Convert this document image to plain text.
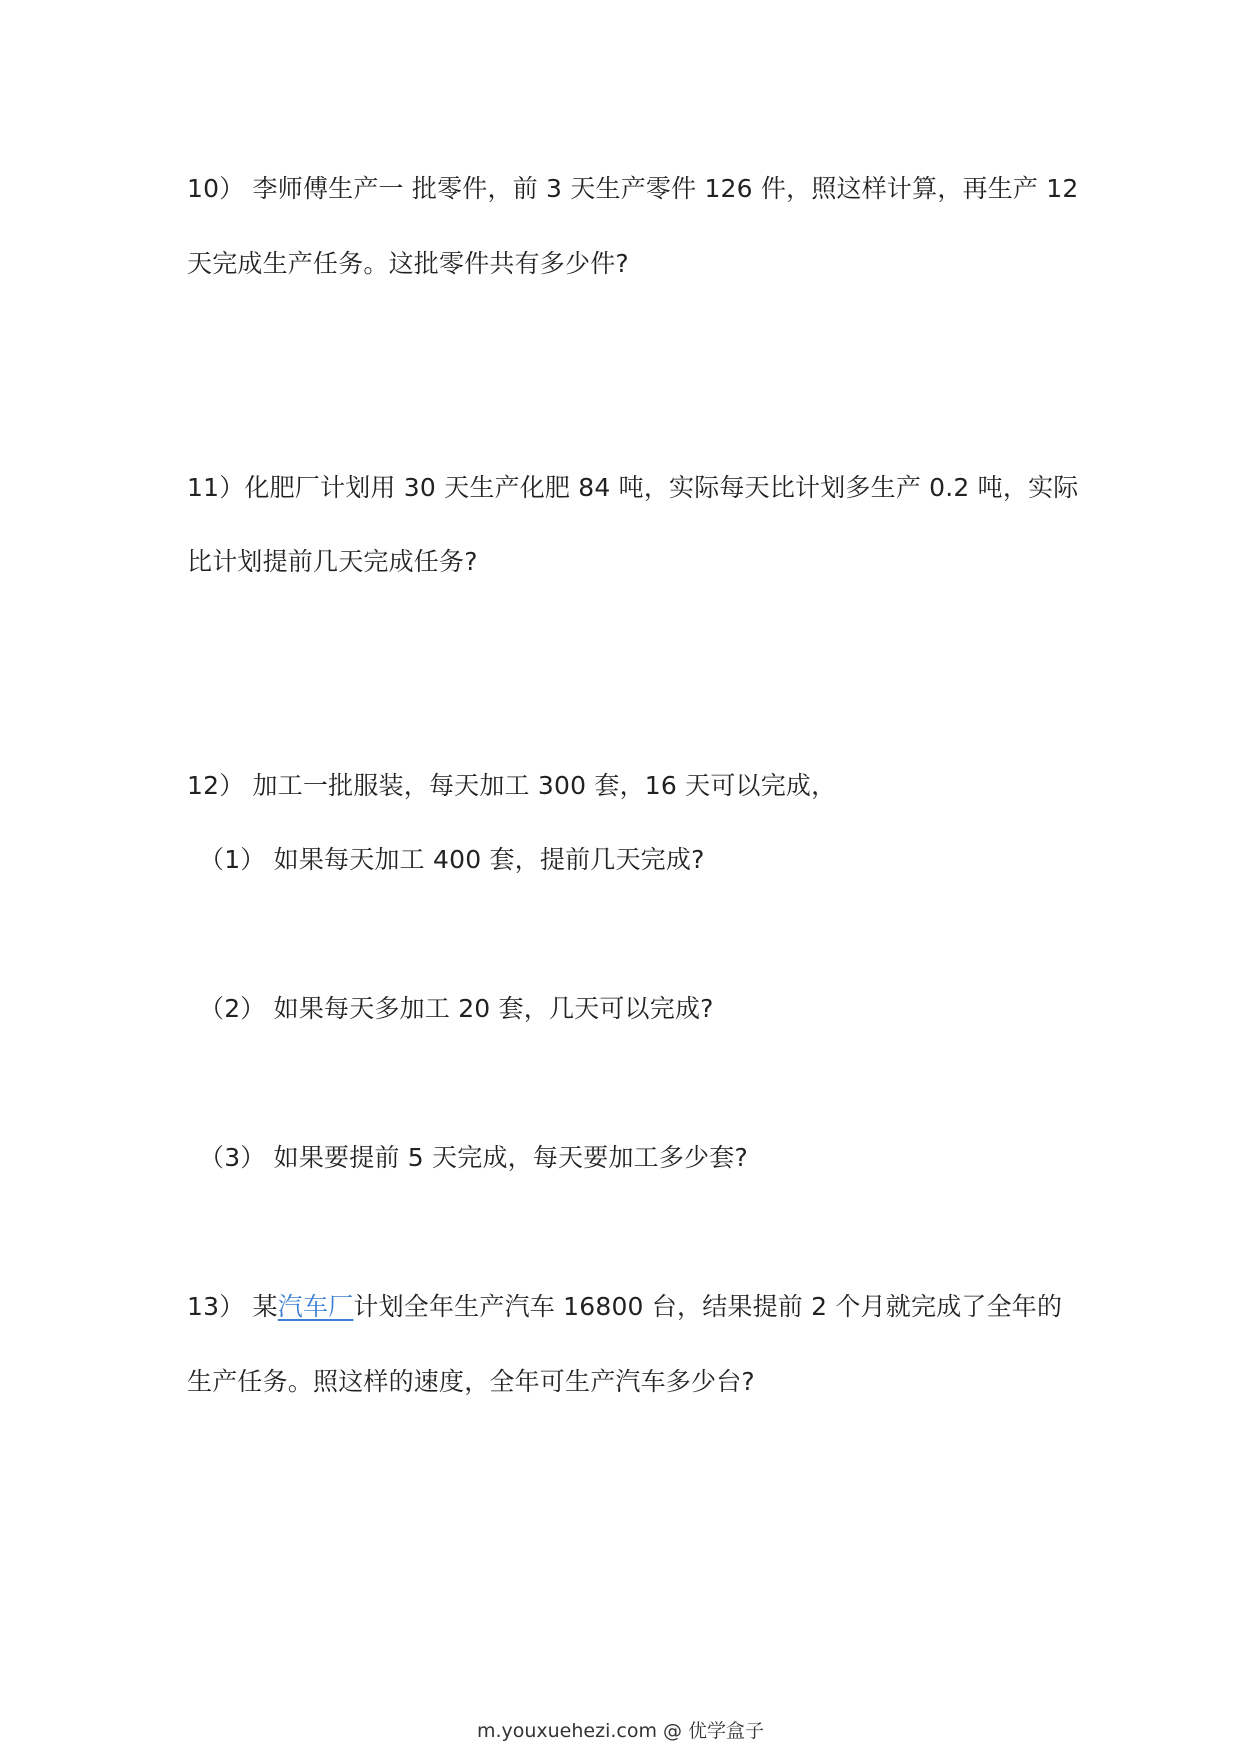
10） 李师傅生产一 批零件，前 3 天生产零件 126 件，照这样计算，再生产 12
天完成生产任务。这批零件共有多少件?
11）化肥厂计划用 30 天生产化肥 84 吨，实际每天比计划多生产 0.2 吨，实际
比计划提前几天完成任务?
12） 加工一批服装，每天加工 300 套，16 天可以完成，
（1） 如果每天加工 400 套，提前几天完成?
（2） 如果每天多加工 20 套，几天可以完成?
（3） 如果要提前 5 天完成，每天要加工多少套?
13） 某汽车厂计划全年生产汽车 16800 台，结果提前 2 个月就完成了全年的
生产任务。照这样的速度，全年可生产汽车多少台?
m.youxuehezi.com @ 优学盒子
